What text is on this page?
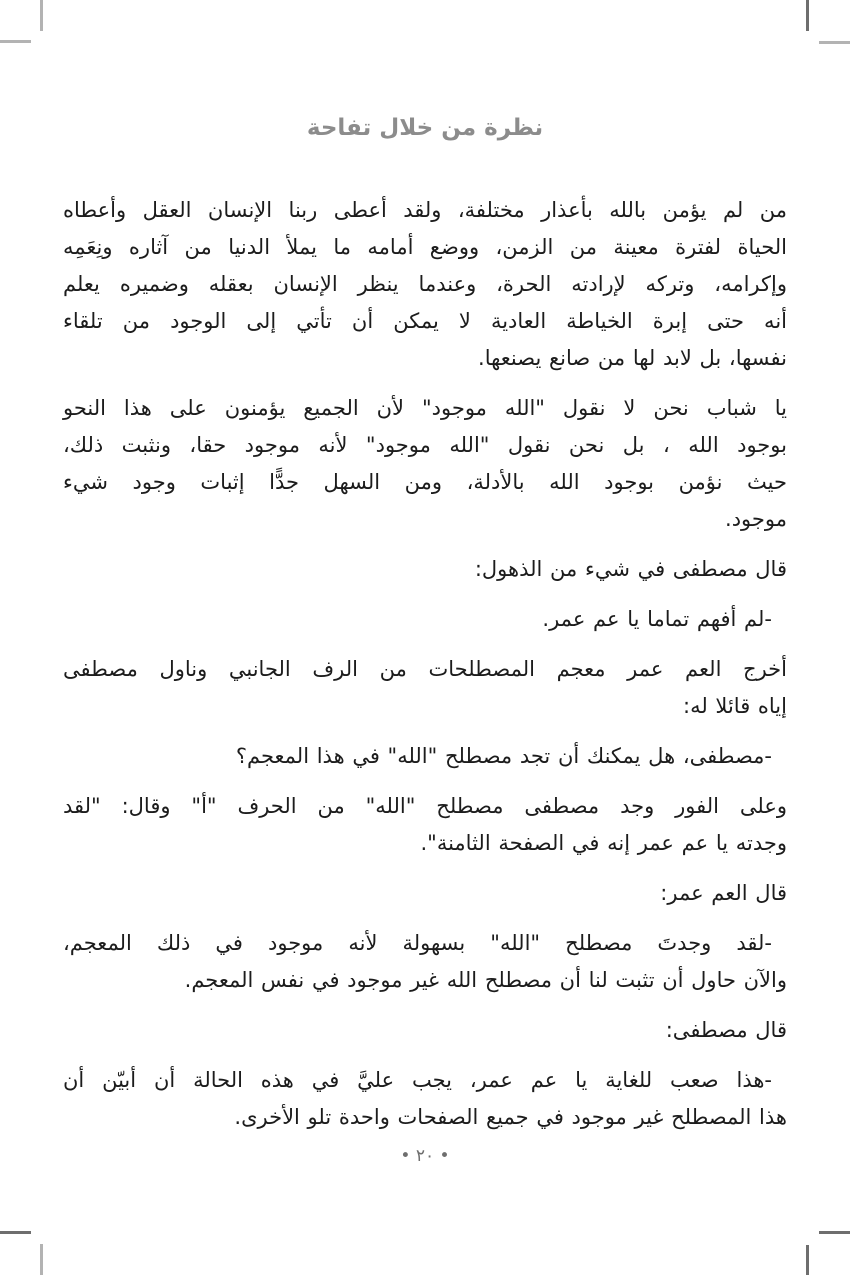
نظرة من خلال تفاحة
من لم يؤمن بالله بأعذار مختلفة، ولقد أعطى ربنا الإنسان العقل وأعطاه
الحياة لفترة معينة من الزمن، ووضع أمامه ما يملأ الدنيا من آثاره ونِعَمِه
وإكرامه، وتركه لإرادته الحرة، وعندما ينظر الإنسان بعقله وضميره يعلم
أنه حتى إبرة الخياطة العادية لا يمكن أن تأتي إلى الوجود من تلقاء
نفسها، بل لابد لها من صانع يصنعها.
يا شباب نحن لا نقول "الله موجود" لأن الجميع يؤمنون على هذا النحو
بوجود الله ، بل نحن نقول "الله موجود" لأنه موجود حقا، ونثبت ذلك،
حيث نؤمن بوجود الله بالأدلة، ومن السهل جدًّا إثبات وجود شيء
موجود.
قال مصطفى في شيء من الذهول:
-لم أفهم تماما يا عم عمر.
أخرج العم عمر معجم المصطلحات من الرف الجانبي وناول مصطفى
إياه قائلا له:
-مصطفى، هل يمكنك أن تجد مصطلح "الله" في هذا المعجم؟
وعلى الفور وجد مصطفى مصطلح "الله" من الحرف "أ" وقال: "لقد
وجدته يا عم عمر إنه في الصفحة الثامنة".
قال العم عمر:
-لقد وجدتَ مصطلح "الله" بسهولة لأنه موجود في ذلك المعجم،
والآن حاول أن تثبت لنا أن مصطلح الله غير موجود في نفس المعجم.
قال مصطفى:
-هذا صعب للغاية يا عم عمر، يجب عليَّ في هذه الحالة أن أبيّن أن
هذا المصطلح غير موجود في جميع الصفحات واحدة تلو الأخرى.
• ٢٠ •
